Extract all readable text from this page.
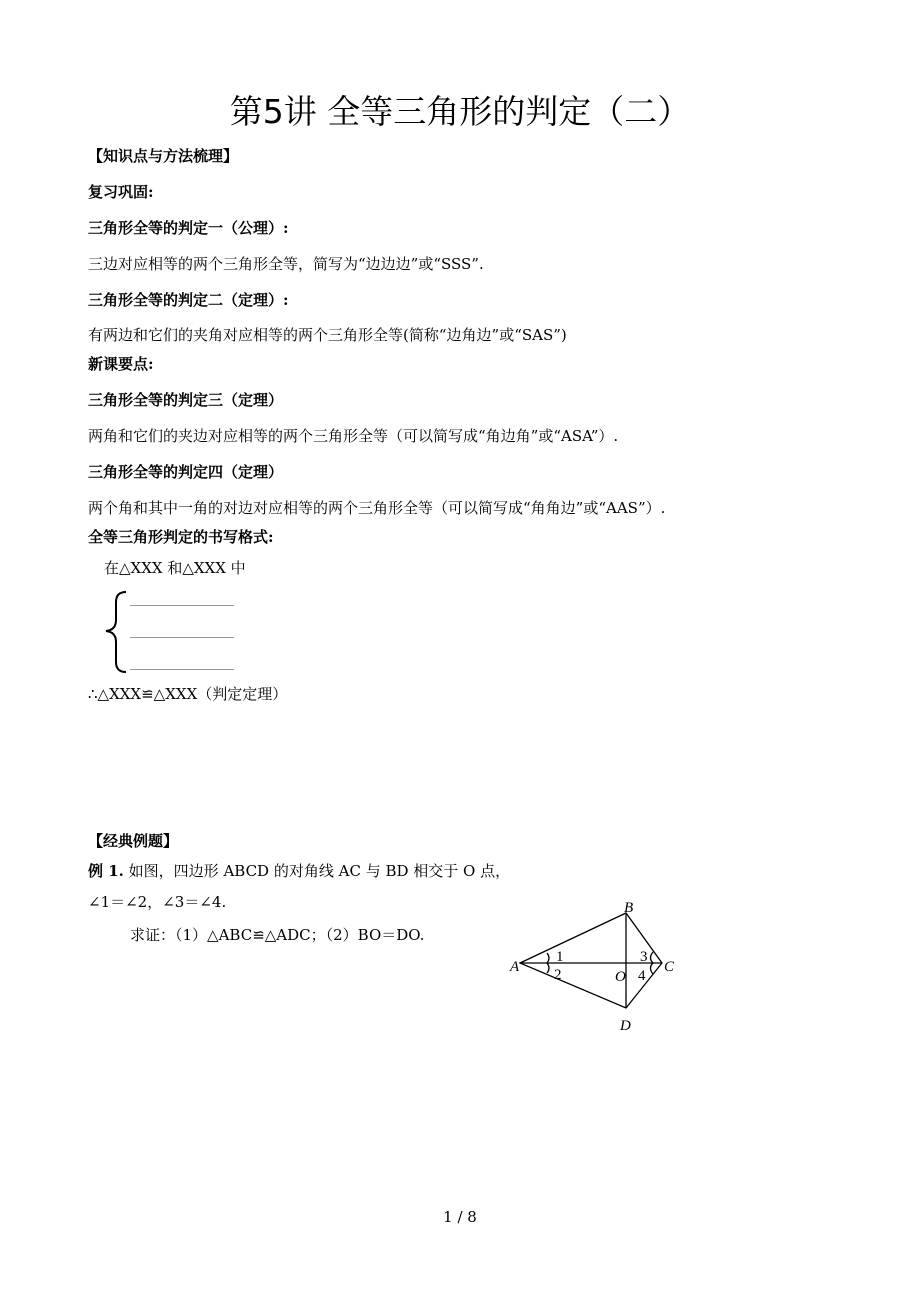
第5讲 全等三角形的判定（二）
【知识点与方法梳理】
复习巩固:
三角形全等的判定一（公理）:
三边对应相等的两个三角形全等，简写为“边边边”或“SSS”.
三角形全等的判定二（定理）:
有两边和它们的夹角对应相等的两个三角形全等(简称“边角边”或“SAS”)
新课要点:
三角形全等的判定三（定理）
两角和它们的夹边对应相等的两个三角形全等（可以简写成“角边角”或“ASA”）.
三角形全等的判定四（定理）
两个角和其中一角的对边对应相等的两个三角形全等（可以简写成“角角边”或“AAS”）.
全等三角形判定的书写格式:
在△XXX 和△XXX 中
∴△XXX≌△XXX（判定定理）
【经典例题】
例 1. 如图，四边形 ABCD 的对角线 AC 与 BD 相交于 O 点，
∠1＝∠2，∠3＝∠4.
求证：（1）△ABC≌△ADC；（2）BO＝DO.
A
B
C
D
O
1
2
3
4
1 / 8
